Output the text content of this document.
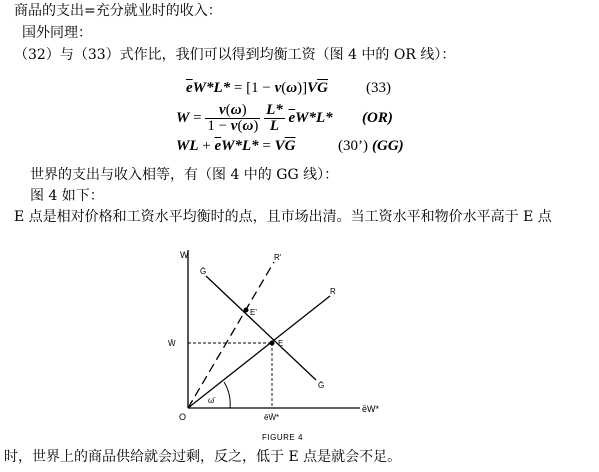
商品的支出=充分就业时的收入：
国外同理：
（32）与（33）式作比，我们可以得到均衡工资（图 4 中的 OR 线）：
$\overline{e}W*L* = [1 - v(\omega)]V\overline{G}$	(33)
$W = \frac{v(\omega)}{1 - v(\omega)}$
$\frac{L*}{L} \overline{e}W*L*$ (OR)
WL + $\overline{e}W*L* = V\overline{G}$	(30’) (GG)
世界的支出与收入相等，有（图 4 中的 GG 线）：
图 4 如下：
E 点是相对价格和工资水平均衡时的点，且市场出清。当工资水平和物价水平高于 E 点
W
ēW*
O
R
R'
Ḡ
Ḡ
E
W̄
ēW̄*
E'
ω̄
FIGURE 4
时，世界上的商品供给就会过剩，反之，低于 E 点是就会不足。
